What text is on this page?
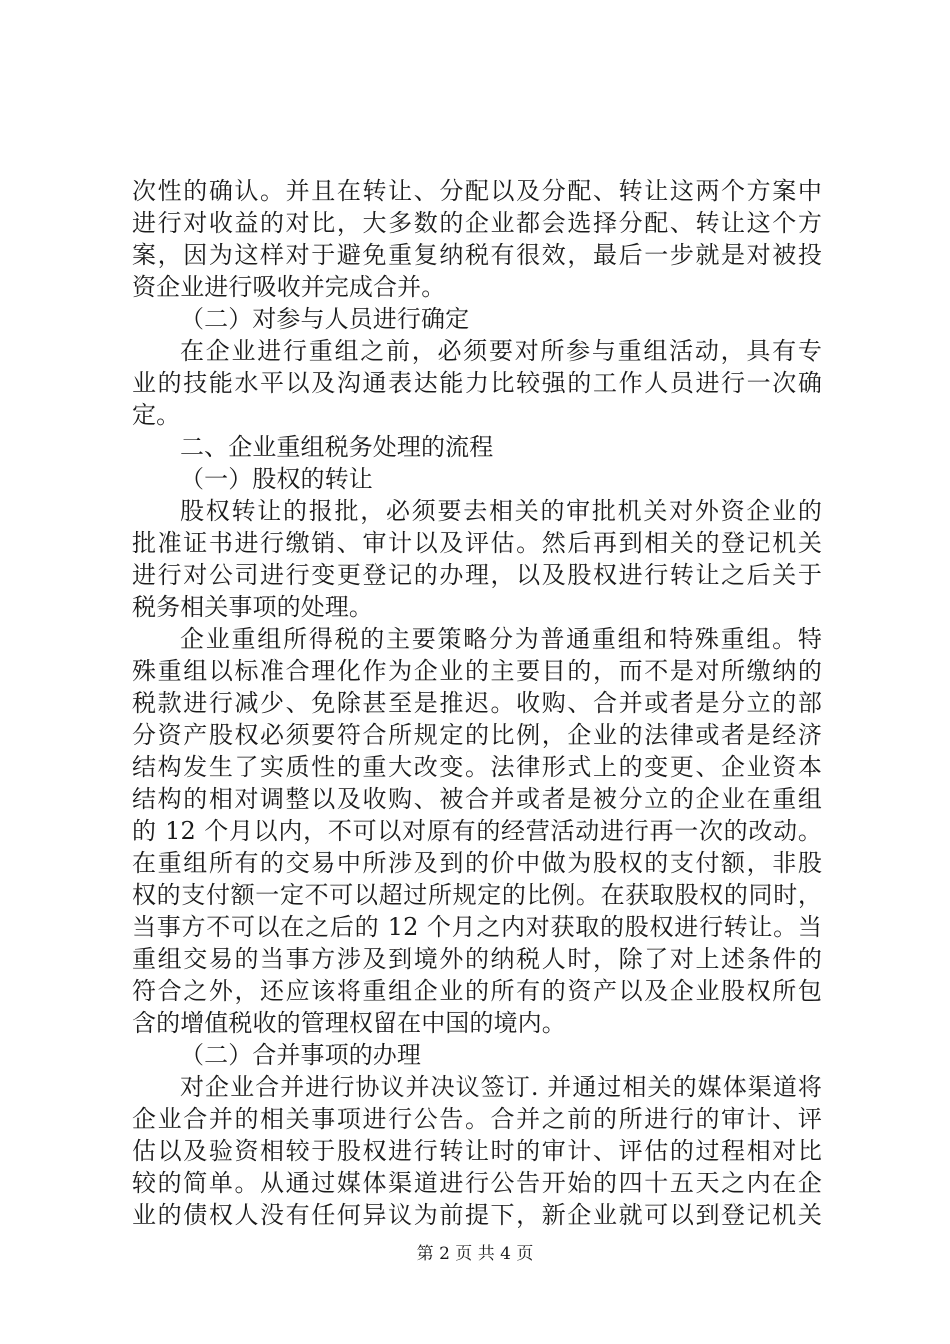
次性的确认。并且在转让、分配以及分配、转让这两个方案中
进行对收益的对比，大多数的企业都会选择分配、转让这个方
案，因为这样对于避免重复纳税有很效，最后一步就是对被投
资企业进行吸收并完成合并。
（二）对参与人员进行确定
在企业进行重组之前，必须要对所参与重组活动，具有专
业的技能水平以及沟通表达能力比较强的工作人员进行一次确
定。
二、企业重组税务处理的流程
（一）股权的转让
股权转让的报批，必须要去相关的审批机关对外资企业的
批准证书进行缴销、审计以及评估。然后再到相关的登记机关
进行对公司进行变更登记的办理，以及股权进行转让之后关于
税务相关事项的处理。
企业重组所得税的主要策略分为普通重组和特殊重组。特
殊重组以标准合理化作为企业的主要目的，而不是对所缴纳的
税款进行减少、免除甚至是推迟。收购、合并或者是分立的部
分资产股权必须要符合所规定的比例，企业的法律或者是经济
结构发生了实质性的重大改变。法律形式上的变更、企业资本
结构的相对调整以及收购、被合并或者是被分立的企业在重组
的 12 个月以内，不可以对原有的经营活动进行再一次的改动。
在重组所有的交易中所涉及到的价中做为股权的支付额，非股
权的支付额一定不可以超过所规定的比例。在获取股权的同时，
当事方不可以在之后的 12 个月之内对获取的股权进行转让。当
重组交易的当事方涉及到境外的纳税人时，除了对上述条件的
符合之外，还应该将重组企业的所有的资产以及企业股权所包
含的增值税收的管理权留在中国的境内。
（二）合并事项的办理
对企业合并进行协议并决议签订. 并通过相关的媒体渠道将
企业合并的相关事项进行公告。合并之前的所进行的审计、评
估以及验资相较于股权进行转让时的审计、评估的过程相对比
较的简单。从通过媒体渠道进行公告开始的四十五天之内在企
业的债权人没有任何异议为前提下，新企业就可以到登记机关
第 2 页 共 4 页
